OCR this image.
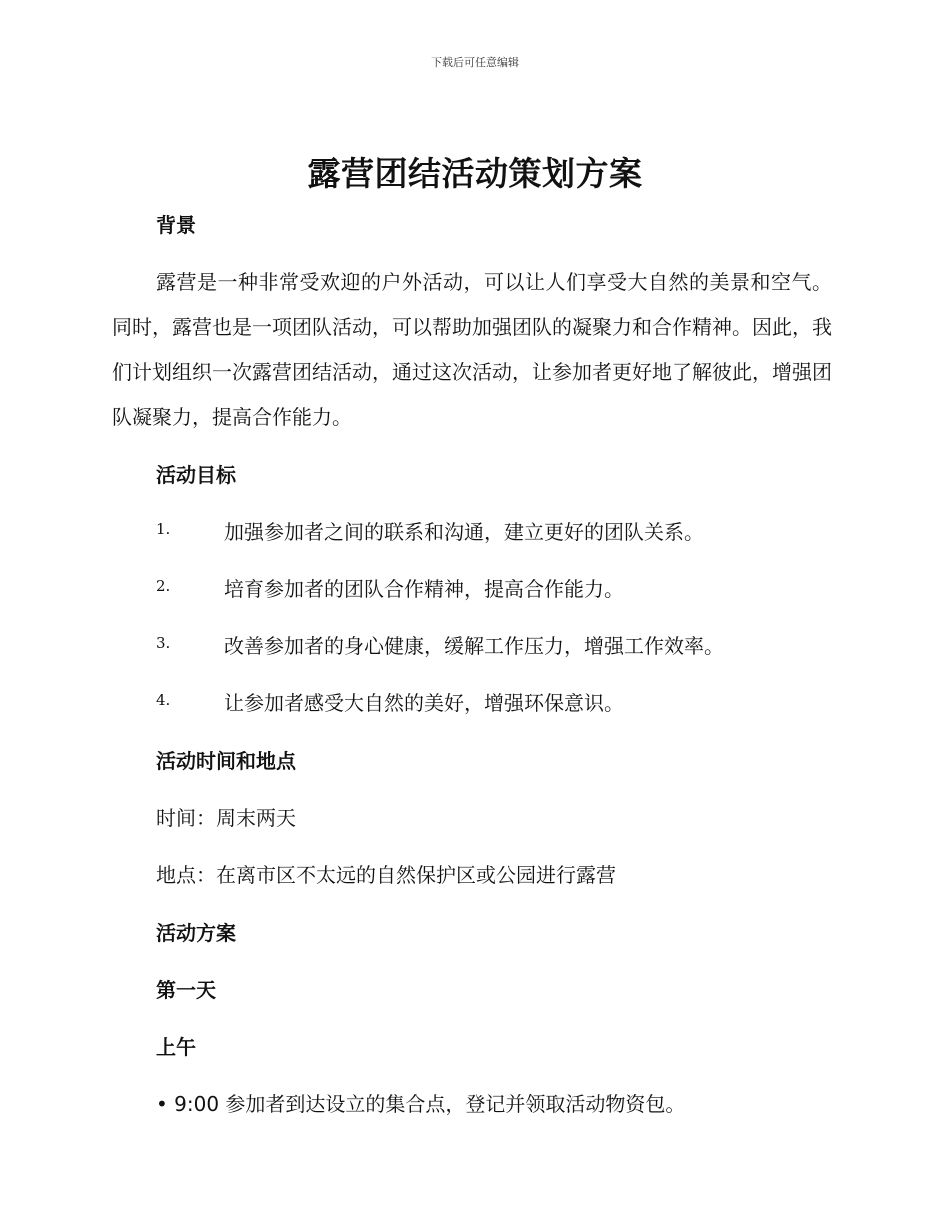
下载后可任意编辑
露营团结活动策划方案
背景
露营是一种非常受欢迎的户外活动，可以让人们享受大自然的美景和空气。同时，露营也是一项团队活动，可以帮助加强团队的凝聚力和合作精神。因此，我们计划组织一次露营团结活动，通过这次活动，让参加者更好地了解彼此，增强团队凝聚力，提高合作能力。
活动目标
1.	加强参加者之间的联系和沟通，建立更好的团队关系。
2.	培育参加者的团队合作精神，提高合作能力。
3.	改善参加者的身心健康，缓解工作压力，增强工作效率。
4.	让参加者感受大自然的美好，增强环保意识。
活动时间和地点
时间：周末两天
地点：在离市区不太远的自然保护区或公园进行露营
活动方案
第一天
上午
• 9:00 参加者到达设立的集合点，登记并领取活动物资包。
